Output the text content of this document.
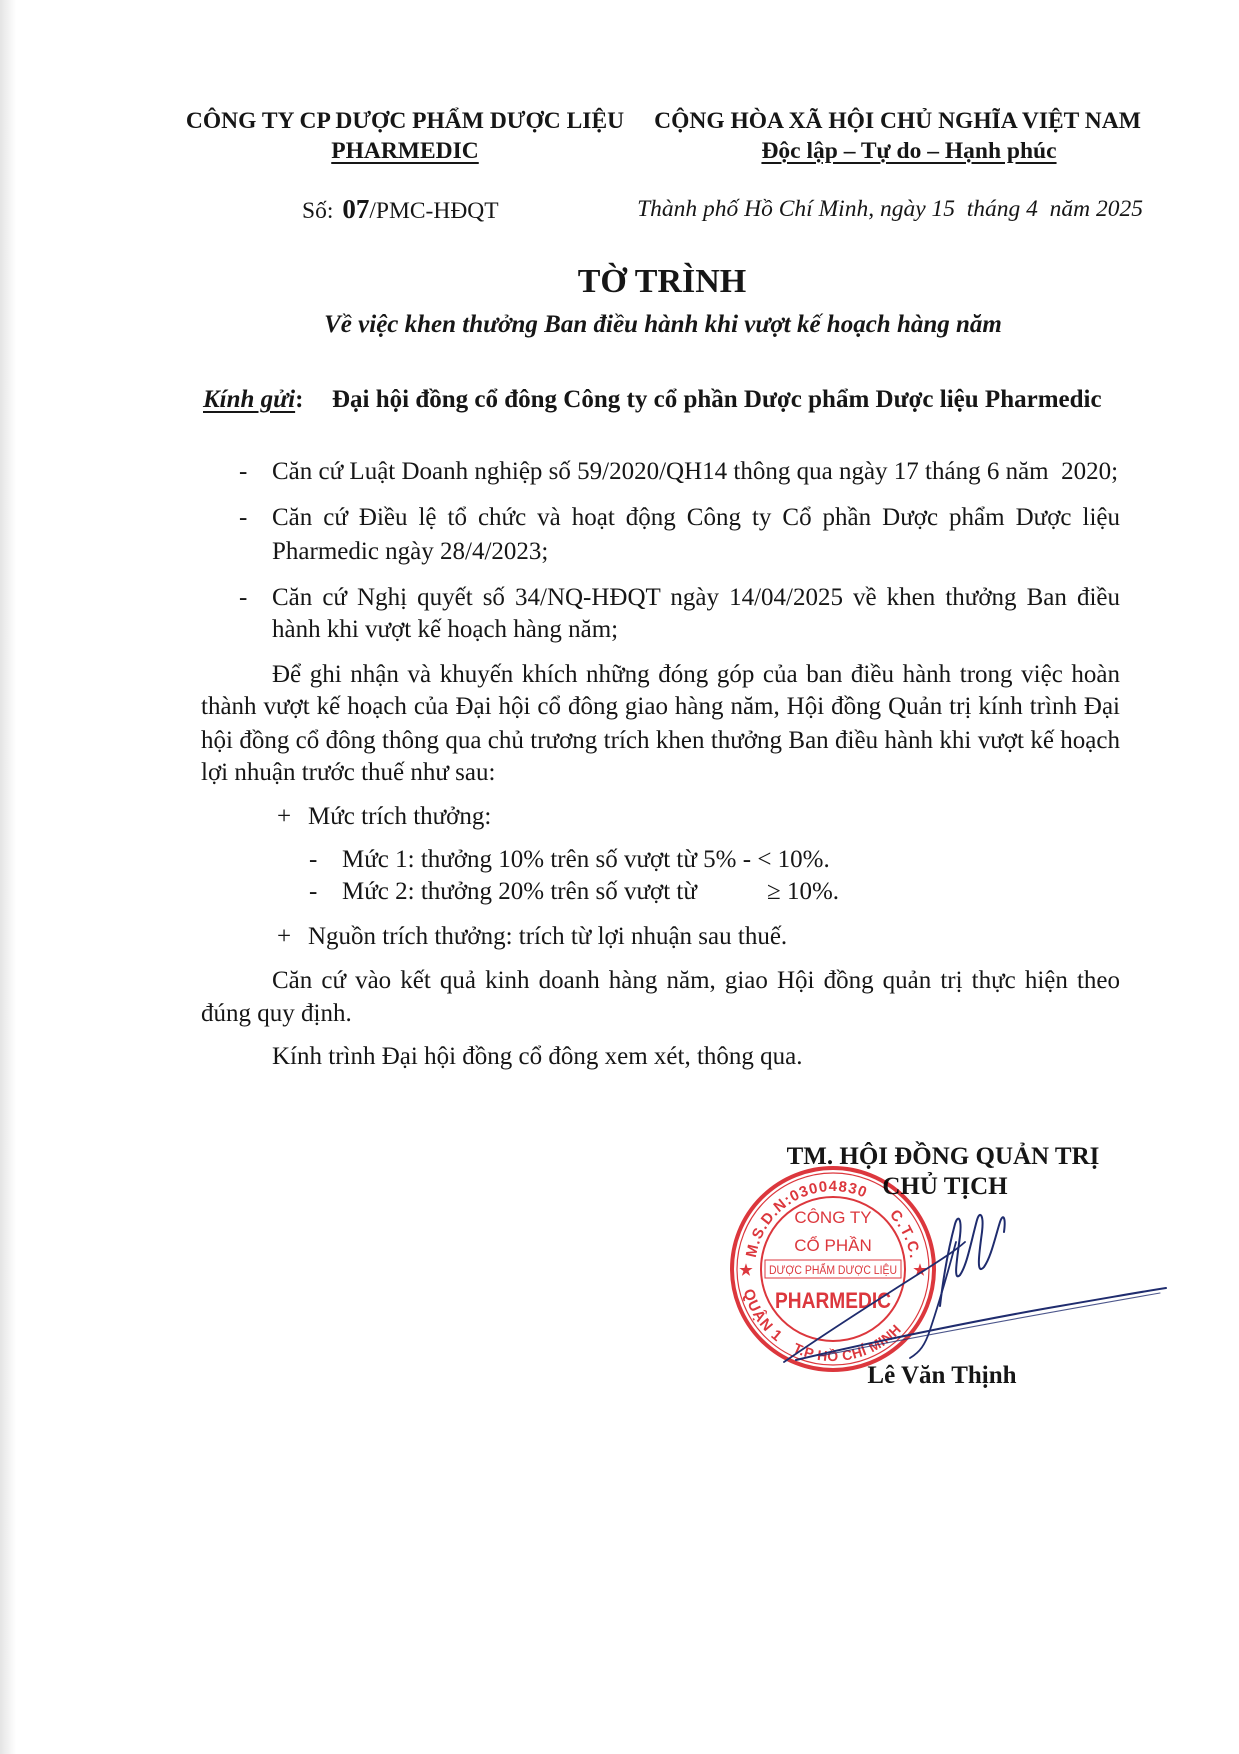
CÔNG TY CP DƯỢC PHẨM DƯỢC LIỆU
PHARMEDIC
CỘNG HÒA XÃ HỘI CHỦ NGHĨA VIỆT NAM
Độc lập – Tự do – Hạnh phúc
Số: 07/PMC-HĐQT	Thành phố Hồ Chí Minh, ngày 15  tháng 4  năm 2025
TỜ TRÌNH
Về việc khen thưởng Ban điều hành khi vượt kế hoạch hàng năm
Kính gửi: Đại hội đồng cổ đông Công ty cổ phần Dược phẩm Dược liệu Pharmedic
- Căn cứ Luật Doanh nghiệp số 59/2020/QH14 thông qua ngày 17 tháng 6 năm  2020;
- Căn cứ Điều lệ tổ chức và hoạt động Công ty Cổ phần Dược phẩm Dược liệu
Pharmedic ngày 28/4/2023;
- Căn cứ Nghị quyết số 34/NQ-HĐQT ngày 14/04/2025 về khen thưởng Ban điều
hành khi vượt kế hoạch hàng năm;
Để ghi nhận và khuyến khích những đóng góp của ban điều hành trong việc hoàn
thành vượt kế hoạch của Đại hội cổ đông giao hàng năm, Hội đồng Quản trị kính trình Đại
hội đồng cổ đông thông qua chủ trương trích khen thưởng Ban điều hành khi vượt kế hoạch
lợi nhuận trước thuế như sau:
+ Mức trích thưởng:
- Mức 1: thưởng 10% trên số vượt từ 5% - < 10%.
- Mức 2: thưởng 20% trên số vượt từ	≥ 10%.
+ Nguồn trích thưởng: trích từ lợi nhuận sau thuế.
Căn cứ vào kết quả kinh doanh hàng năm, giao Hội đồng quản trị thực hiện theo
đúng quy định.
Kính trình Đại hội đồng cổ đông xem xét, thông qua.
TM. HỘI ĐỒNG QUẢN TRỊ
CHỦ TỊCH
Lê Văn Thịnh
M.S.D.N:03004830
C.T.C.
QUẬN 1
T.P HỒ CHÍ MINH
★	★
CÔNG TY
CỔ PHẦN
DƯỢC PHẨM DƯỢC LIỆU
PHARMEDIC
